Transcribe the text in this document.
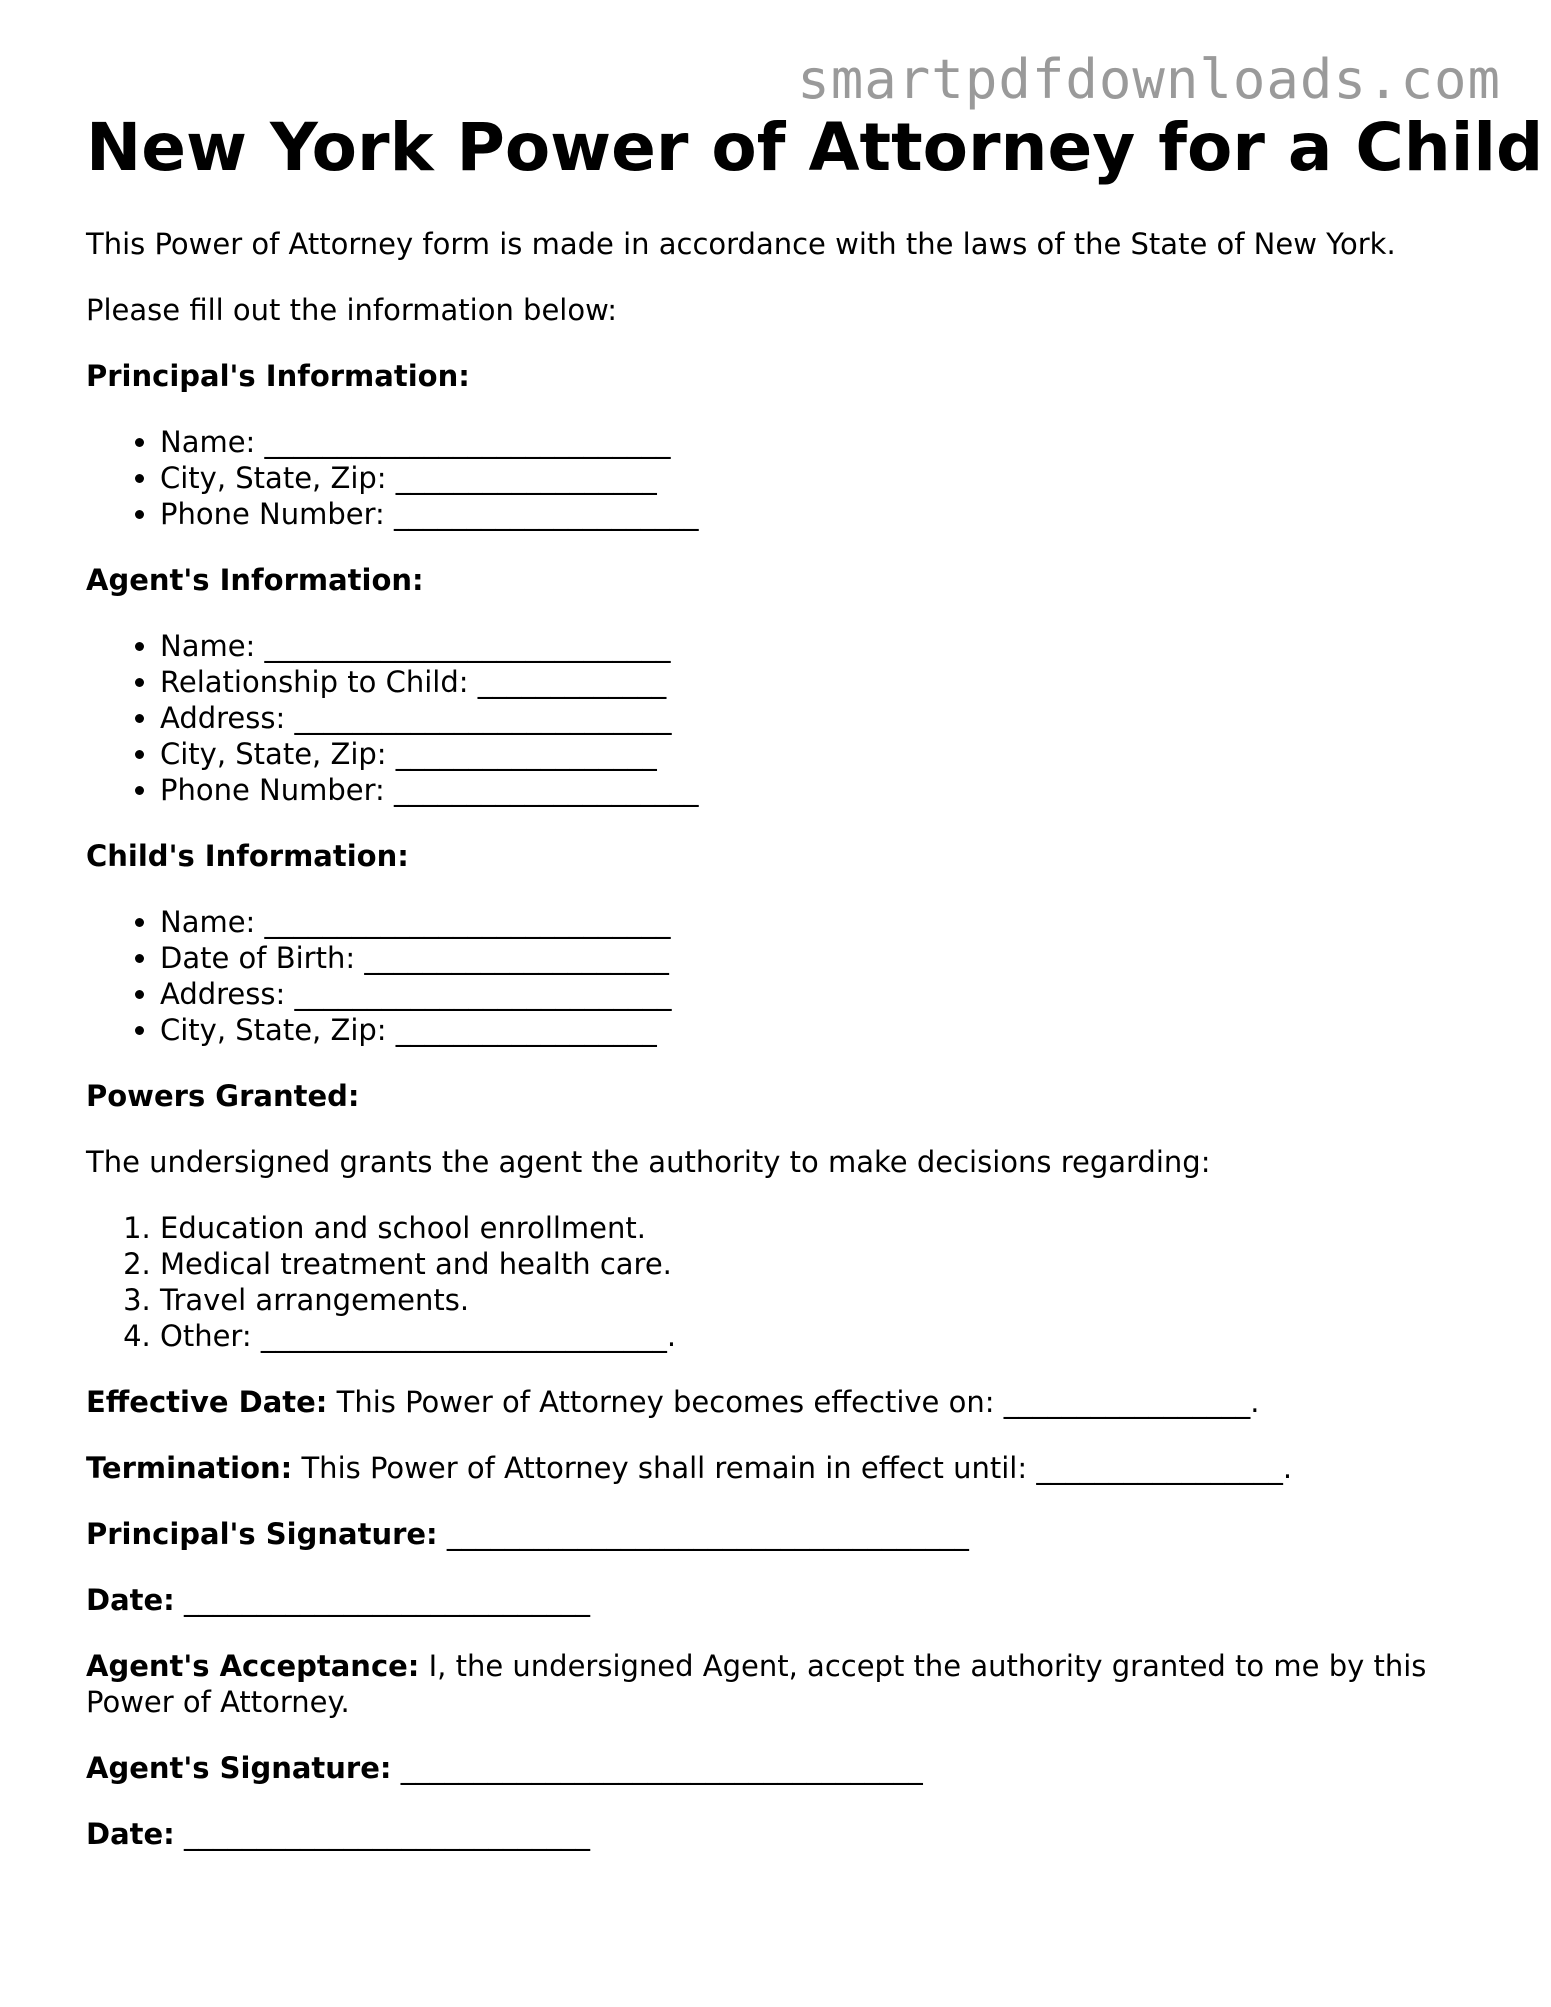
smartpdfdownloads.com
New York Power of Attorney for a Child

This Power of Attorney form is made in accordance with the laws of the State of New York.

Please fill out the information below:

Principal's Information:

• Name: ____________________________
• City, State, Zip: __________________
• Phone Number: _____________________

Agent's Information:

• Name: ____________________________
• Relationship to Child: _____________
• Address: __________________________
• City, State, Zip: __________________
• Phone Number: _____________________

Child's Information:

• Name: ____________________________
• Date of Birth: _____________________
• Address: __________________________
• City, State, Zip: __________________

Powers Granted:

The undersigned grants the agent the authority to make decisions regarding:

1. Education and school enrollment.
2. Medical treatment and health care.
3. Travel arrangements.
4. Other: ____________________________.

Effective Date: This Power of Attorney becomes effective on: _________________.

Termination: This Power of Attorney shall remain in effect until: _________________.

Principal's Signature: ____________________________________

Date: ____________________________

Agent's Acceptance: I, the undersigned Agent, accept the authority granted to me by this Power of Attorney.

Agent's Signature: ____________________________________

Date: ____________________________
